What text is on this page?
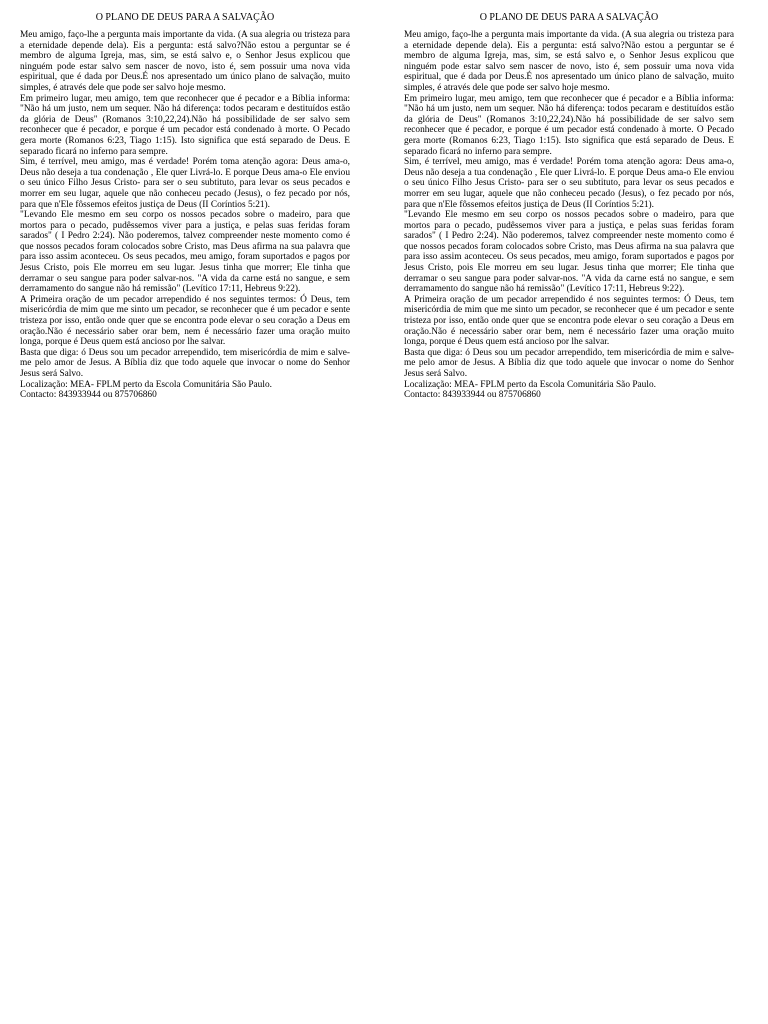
O PLANO DE DEUS PARA A SALVAÇÃO

Meu amigo, faço-lhe a pergunta mais importante da vida. (A sua alegria ou tristeza para a eternidade depende dela). Eis a pergunta: está salvo?Não estou a perguntar se é membro de alguma Igreja, mas, sim, se está salvo e, o Senhor Jesus explicou que ninguém pode estar salvo sem nascer de novo, isto é, sem possuir uma nova vida espiritual, que é dada por Deus.É nos apresentado um único plano de salvação, muito simples, é através dele que pode ser salvo hoje mesmo.

Em primeiro lugar, meu amigo, tem que reconhecer que é pecador e a Bíblia informa: "Não há um justo, nem um sequer. Não há diferença: todos pecaram e destituídos estão da glória de Deus" (Romanos 3:10,22,24).Não há possibilidade de ser salvo sem reconhecer que é pecador, e porque é um pecador está condenado à morte. O Pecado gera morte (Romanos 6:23, Tiago 1:15). Isto significa que está separado de Deus. E separado ficará no inferno para sempre.

Sim, é terrível, meu amigo, mas é verdade! Porém toma atenção agora: Deus ama-o, Deus não deseja a tua condenação , Ele quer Livrá-lo. E porque Deus ama-o Ele enviou o seu único Filho Jesus Cristo- para ser o seu subtituto, para levar os seus pecados e morrer em seu lugar, aquele que não conheceu pecado (Jesus), o fez pecado por nós, para que n'Ele fôssemos efeitos justiça de Deus (II Coríntios 5:21).

"Levando Ele mesmo em seu corpo os nossos pecados sobre o madeiro, para que mortos para o pecado, pudêssemos viver para a justiça, e pelas suas feridas foram sarados" ( I Pedro 2:24). Não poderemos, talvez compreender neste momento como é que nossos pecados foram colocados sobre Cristo, mas Deus afirma na sua palavra que para isso assim aconteceu. Os seus pecados, meu amigo, foram suportados e pagos por Jesus Cristo, pois Ele morreu em seu lugar. Jesus tinha que morrer; Ele tinha que derramar o seu sangue para poder salvar-nos. "A vida da carne está no sangue, e sem derramamento do sangue não há remissão" (Levítico 17:11, Hebreus 9:22).

A Primeira oração de um pecador arrependido é nos seguintes termos: Ó Deus, tem misericórdia de mim que me sinto um pecador, se reconhecer que é um pecador e sente tristeza por isso, então onde quer que se encontra pode elevar o seu coração a Deus em oração.Não é necessário saber orar bem, nem é necessário fazer uma oração muito longa, porque é Deus quem está ancioso por lhe salvar.

Basta que diga: ó Deus sou um pecador arrependido, tem misericórdia de mim e salve-me pelo amor de Jesus. A Bíblia diz que todo aquele que invocar o nome do Senhor Jesus será Salvo.

Localização: MEA- FPLM perto da Escola Comunitária São Paulo.

Contacto: 843933944 ou 875706860

O PLANO DE DEUS PARA A SALVAÇÃO

Meu amigo, faço-lhe a pergunta mais importante da vida. (A sua alegria ou tristeza para a eternidade depende dela). Eis a pergunta: está salvo?Não estou a perguntar se é membro de alguma Igreja, mas, sim, se está salvo e, o Senhor Jesus explicou que ninguém pode estar salvo sem nascer de novo, isto é, sem possuir uma nova vida espiritual, que é dada por Deus.É nos apresentado um único plano de salvação, muito simples, é através dele que pode ser salvo hoje mesmo.

Em primeiro lugar, meu amigo, tem que reconhecer que é pecador e a Bíblia informa: "Não há um justo, nem um sequer. Não há diferença: todos pecaram e destituídos estão da glória de Deus" (Romanos 3:10,22,24).Não há possibilidade de ser salvo sem reconhecer que é pecador, e porque é um pecador está condenado à morte. O Pecado gera morte (Romanos 6:23, Tiago 1:15). Isto significa que está separado de Deus. E separado ficará no inferno para sempre.

Sim, é terrível, meu amigo, mas é verdade! Porém toma atenção agora: Deus ama-o, Deus não deseja a tua condenação , Ele quer Livrá-lo. E porque Deus ama-o Ele enviou o seu único Filho Jesus Cristo- para ser o seu subtituto, para levar os seus pecados e morrer em seu lugar, aquele que não conheceu pecado (Jesus), o fez pecado por nós, para que n'Ele fôssemos efeitos justiça de Deus (II Coríntios 5:21).

"Levando Ele mesmo em seu corpo os nossos pecados sobre o madeiro, para que mortos para o pecado, pudêssemos viver para a justiça, e pelas suas feridas foram sarados" ( I Pedro 2:24). Não poderemos, talvez compreender neste momento como é que nossos pecados foram colocados sobre Cristo, mas Deus afirma na sua palavra que para isso assim aconteceu. Os seus pecados, meu amigo, foram suportados e pagos por Jesus Cristo, pois Ele morreu em seu lugar. Jesus tinha que morrer; Ele tinha que derramar o seu sangue para poder salvar-nos. "A vida da carne está no sangue, e sem derramamento do sangue não há remissão" (Levítico 17:11, Hebreus 9:22).

A Primeira oração de um pecador arrependido é nos seguintes termos: Ó Deus, tem misericórdia de mim que me sinto um pecador, se reconhecer que é um pecador e sente tristeza por isso, então onde quer que se encontra pode elevar o seu coração a Deus em oração.Não é necessário saber orar bem, nem é necessário fazer uma oração muito longa, porque é Deus quem está ancioso por lhe salvar.

Basta que diga: ó Deus sou um pecador arrependido, tem misericórdia de mim e salve-me pelo amor de Jesus. A Bíblia diz que todo aquele que invocar o nome do Senhor Jesus será Salvo.

Localização: MEA- FPLM perto da Escola Comunitária São Paulo.

Contacto: 843933944 ou 875706860
